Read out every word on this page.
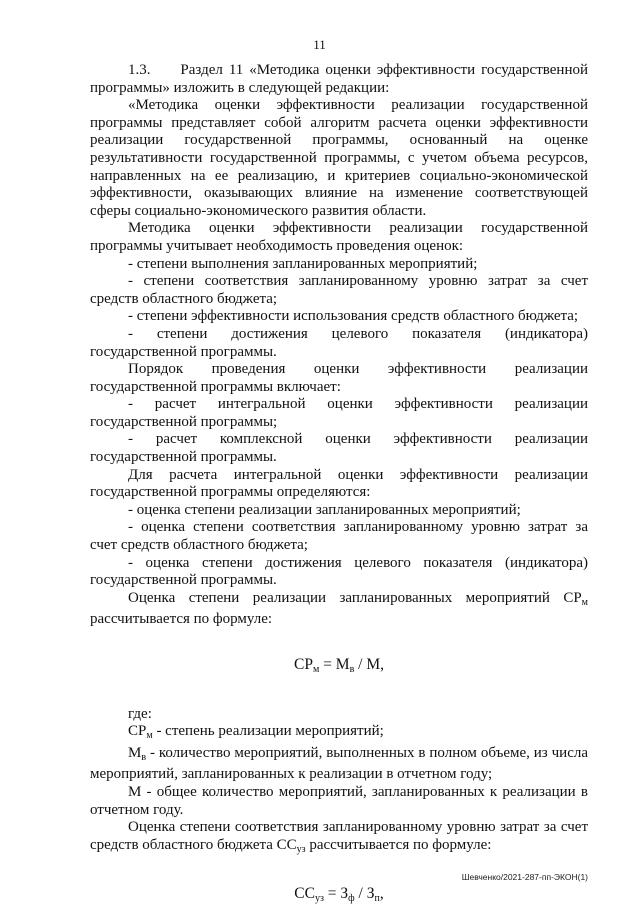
11

1.3. Раздел 11 «Методика оценки эффективности государственной

программы» изложить в следующей редакции:

«Методика оценки эффективности реализации государственной программы представляет собой алгоритм расчета оценки эффективности реализации государственной программы, основанный на оценке результативности государственной программы, с учетом объема ресурсов, направленных на ее реализацию, и критериев социально-экономической эффективности, оказывающих влияние на изменение соответствующей сферы социально-экономического развития области.

Методика оценки эффективности реализации государственной программы учитывает необходимость проведения оценок:

- степени выполнения запланированных мероприятий;

- степени соответствия запланированному уровню затрат за счет средств областного бюджета;

- степени эффективности использования средств областного бюджета;

- степени достижения целевого показателя (индикатора) государственной программы.

Порядок проведения оценки эффективности реализации государственной программы включает:

- расчет интегральной оценки эффективности реализации государственной программы;

- расчет комплексной оценки эффективности реализации государственной программы.

Для расчета интегральной оценки эффективности реализации государственной программы определяются:

- оценка степени реализации запланированных мероприятий;

- оценка степени соответствия запланированному уровню затрат за счет средств областного бюджета;

- оценка степени достижения целевого показателя (индикатора) государственной программы.

Оценка степени реализации запланированных мероприятий $СР_м$

рассчитывается по формуле:

$СР_м = М_в / М$,

где:

$СР_м$ - степень реализации мероприятий;

$М_в$ - количество мероприятий, выполненных в полном объеме, из числа мероприятий, запланированных к реализации в отчетном году;

М - общее количество мероприятий, запланированных к реализации в отчетном году.

Оценка степени соответствия запланированному уровню затрат за счет средств областного бюджета $СС_{уз}$ рассчитывается по формуле:

$СС_{уз} = З_ф / З_п$,

Шевченко/2021-287-пп-ЭКОН(1)
